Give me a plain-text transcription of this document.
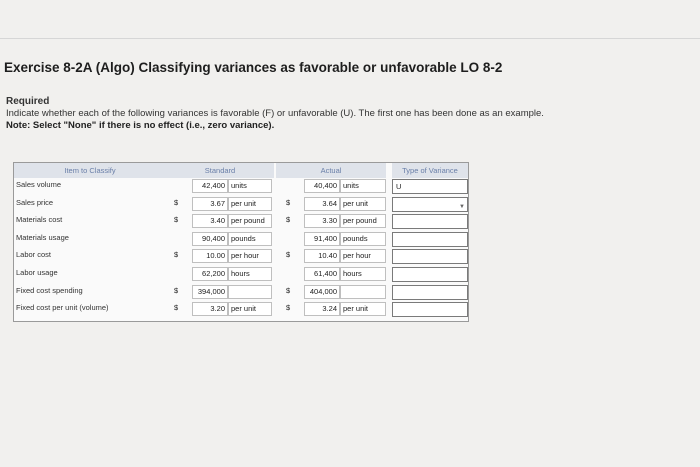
Exercise 8-2A (Algo) Classifying variances as favorable or unfavorable LO 8-2
Required
Indicate whether each of the following variances is favorable (F) or unfavorable (U). The first one has been done as an example.
Note: Select "None" if there is no effect (i.e., zero variance).
Item to Classify	Standard	Actual	Type of Variance
Sales volume	42,400 units	40,400 units	U
Sales price	$	3.67 per unit	$	3.64 per unit	▼
Materials cost	$	3.40 per pound	$	3.30 per pound
Materials usage	90,400 pounds	91,400 pounds
Labor cost	$	10.00 per hour	$	10.40 per hour
Labor usage	62,200 hours	61,400 hours
Fixed cost spending	$	394,000	$	404,000
Fixed cost per unit (volume)	$	3.20 per unit	$	3.24 per unit
